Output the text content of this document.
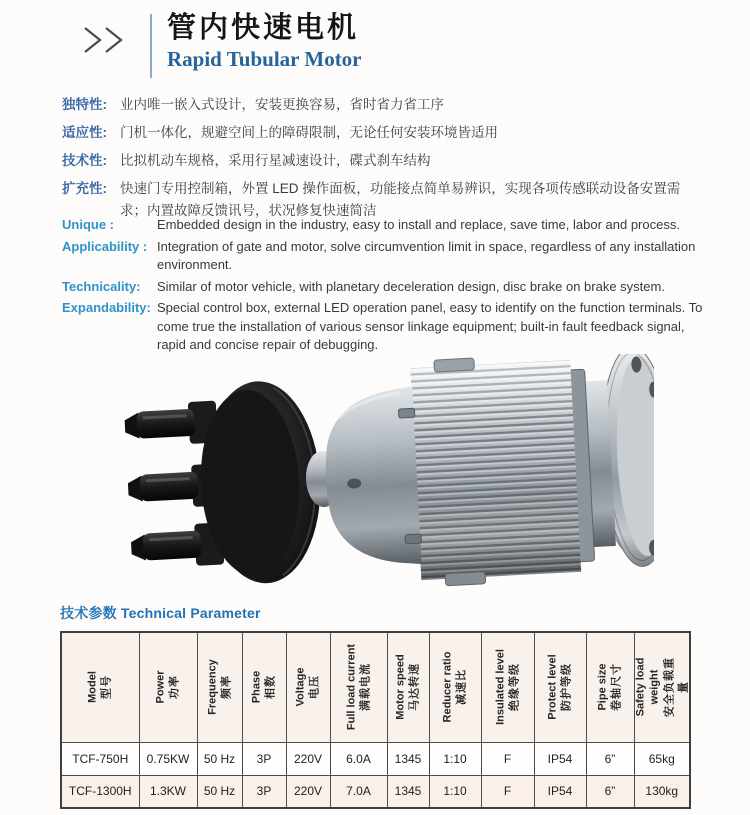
管内快速电机
Rapid Tubular Motor
独特性: 业内唯一嵌入式设计，安装更换容易，省时省力省工序
适应性: 门机一体化，规避空间上的障碍限制，无论任何安装环境皆适用
技术性: 比拟机动车规格，采用行星减速设计，碟式刹车结构
扩充性: 快速门专用控制箱，外置 LED 操作面板，功能接点简单易辨识，实现各项传感联动设备安置需求；内置故障反馈讯号，状况修复快速简洁
Unique :	Embedded design in the industry, easy to install and replace, save time, labor and process.
Applicability : Integration of gate and motor, solve circumvention limit in space, regardless of any installation environment.
Technicality:	Similar of motor vehicle, with planetary deceleration design, disc brake on brake system.
Expandability: Special control box, external LED operation panel, easy to identify on the function terminals. To come true the installation of various sensor linkage equipment; built-in fault feedback signal, rapid and concise repair of debugging.
技术参数 Technical Parameter
Model 型号	Power 功率	Frequency 频率	Phase 相数	Voltage 电压	Full load current 满载电流	Motor speed 马达转速	Reducer ratio 减速比	Insulated level 绝缘等级	Protect level 防护等级	Pipe size 卷轴尺寸	Safety load weight 安全负载重量

TCF-750H	0.75KW	50 Hz	3P	220V	6.0A	1345	1:10	F	IP54	6”	65kg
TCF-1300H	1.3KW	50 Hz	3P	220V	7.0A	1345	1:10	F	IP54	6”	130kg
